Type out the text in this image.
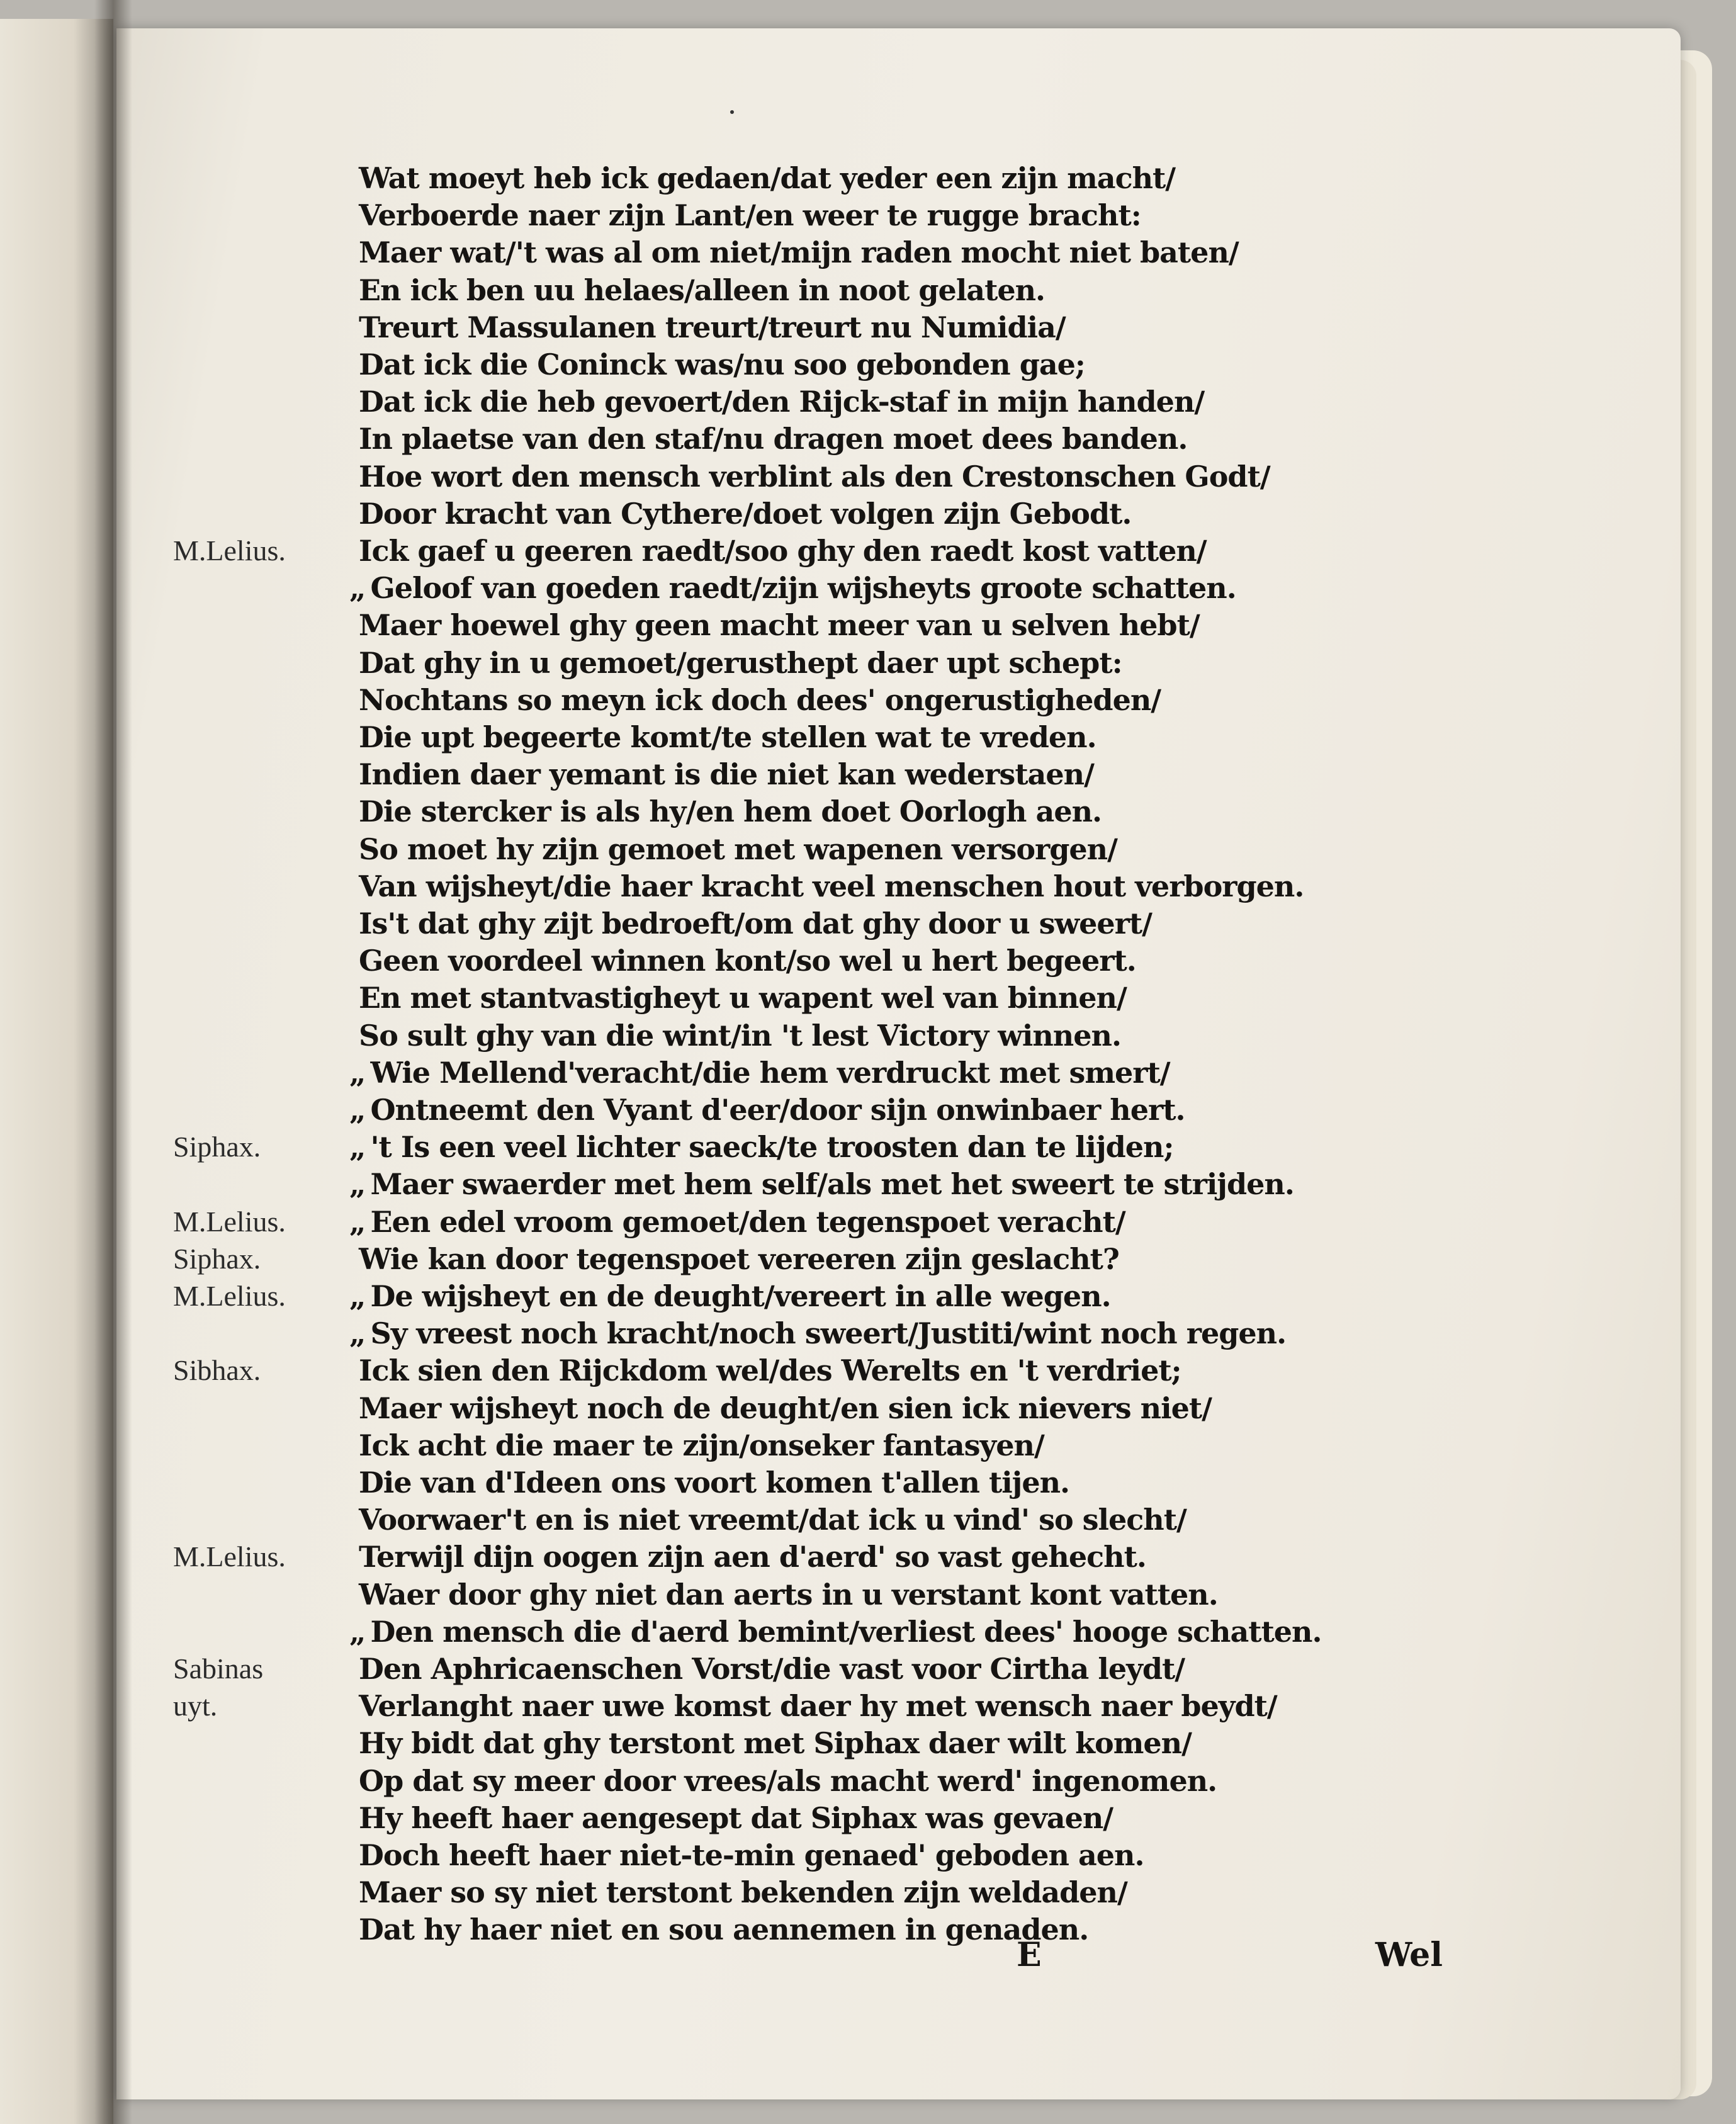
Wat moeyt heb ick gedaen/dat yeder een zijn macht/
Verboerde naer zijn Lant/en weer te rugge bracht:
Maer wat/'t was al om niet/mijn raden mocht niet baten/
En ick ben uu helaes/alleen in noot gelaten.
Treurt Massulanen treurt/treurt nu Numidia/
Dat ick die Coninck was/nu soo gebonden gae;
Dat ick die heb gevoert/den Rijck-staf in mijn handen/
In plaetse van den staf/nu dragen moet dees banden.
Hoe wort den mensch verblint als den Crestonschen Godt/
Door kracht van Cythere/doet volgen zijn Gebodt.
M.Lelius.	Ick gaef u geeren raedt/soo ghy den raedt kost vatten/
„ Geloof van goeden raedt/zijn wijsheyts groote schatten.
Maer hoewel ghy geen macht meer van u selven hebt/
Dat ghy in u gemoet/gerusthept daer upt schept:
Nochtans so meyn ick doch dees' ongerustigheden/
Die upt begeerte komt/te stellen wat te vreden.
Indien daer yemant is die niet kan wederstaen/
Die stercker is als hy/en hem doet Oorlogh aen.
So moet hy zijn gemoet met wapenen versorgen/
Van wijsheyt/die haer kracht veel menschen hout verborgen.
Is't dat ghy zijt bedroeft/om dat ghy door u sweert/
Geen voordeel winnen kont/so wel u hert begeert.
En met stantvastigheyt u wapent wel van binnen/
So sult ghy van die wint/in 't lest Victory winnen.
„ Wie Mellend'veracht/die hem verdruckt met smert/
„ Ontneemt den Vyant d'eer/door sijn onwinbaer hert.
Siphax.	„ 't Is een veel lichter saeck/te troosten dan te lijden;
„ Maer swaerder met hem self/als met het sweert te strijden.
M.Lelius.	„ Een edel vroom gemoet/den tegenspoet veracht/
Siphax.	Wie kan door tegenspoet vereeren zijn geslacht?
M.Lelius.	„ De wijsheyt en de deught/vereert in alle wegen.
„ Sy vreest noch kracht/noch sweert/Justiti/wint noch regen.
Sibhax.	Ick sien den Rijckdom wel/des Werelts en 't verdriet;
Maer wijsheyt noch de deught/en sien ick nievers niet/
Ick acht die maer te zijn/onseker fantasyen/
Die van d'Ideen ons voort komen t'allen tijen.
Voorwaer't en is niet vreemt/dat ick u vind' so slecht/
M.Lelius.	Terwijl dijn oogen zijn aen d'aerd' so vast gehecht.
Waer door ghy niet dan aerts in u verstant kont vatten.
„ Den mensch die d'aerd bemint/verliest dees' hooge schatten.
Sabinas	Den Aphricaenschen Vorst/die vast voor Cirtha leydt/
uyt.	Verlanght naer uwe komst daer hy met wensch naer beydt/
Hy bidt dat ghy terstont met Siphax daer wilt komen/
Op dat sy meer door vrees/als macht werd' ingenomen.
Hy heeft haer aengesept dat Siphax was gevaen/
Doch heeft haer niet-te-min genaed' geboden aen.
Maer so sy niet terstont bekenden zijn weldaden/
Dat hy haer niet en sou aennemen in genaden.
E	Wel
